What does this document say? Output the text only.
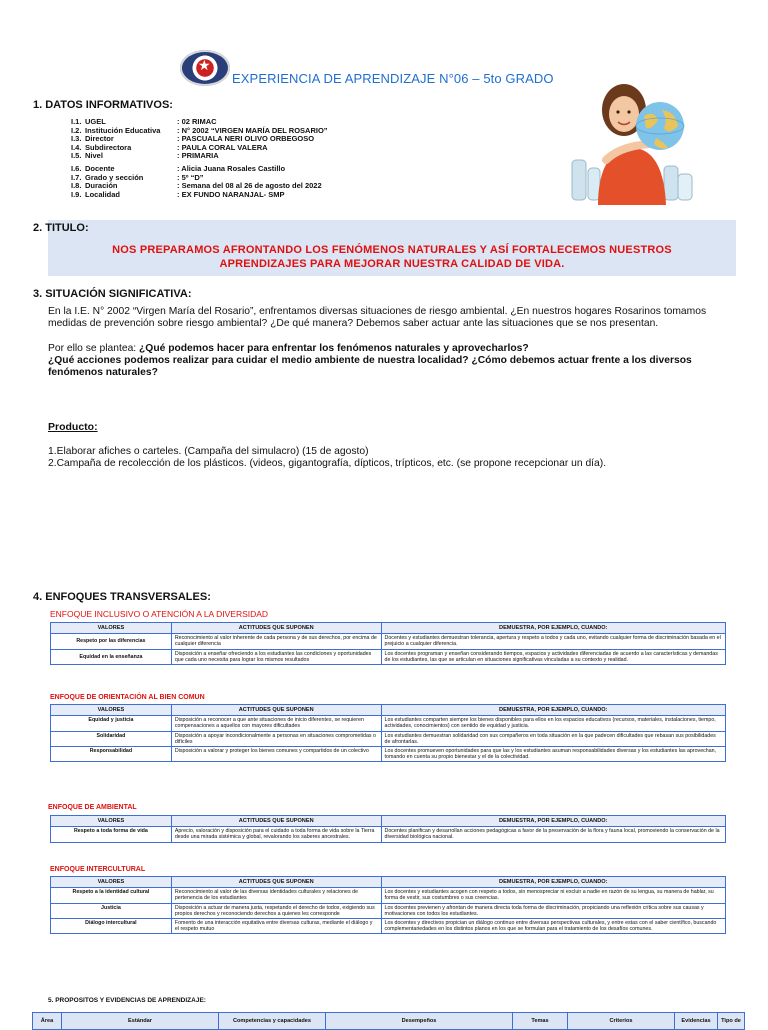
★
EXPERIENCIA DE APRENDIZAJE N°06 – 5to GRADO
1. DATOS INFORMATIVOS:
I.1. UGEL	: 02 RIMAC
I.2. Institución Educativa	: N° 2002 “VIRGEN MARÍA DEL ROSARIO”
I.3. Director	: PASCUALA NERI OLIVO ORBEGOSO
I.4. Subdirectora	: PAULA CORAL VALERA
I.5. Nivel	: PRIMARIA
I.6. Docente	: Alicia Juana Rosales Castillo
I.7. Grado y sección	: 5º “D”
I.8. Duración	: Semana del 08 al 26 de agosto del 2022
I.9. Localidad	: EX FUNDO NARANJAL- SMP
2. TITULO:
NOS PREPARAMOS AFRONTANDO LOS FENÓMENOS NATURALES Y ASÍ FORTALECEMOS NUESTROS
APRENDIZAJES PARA MEJORAR NUESTRA CALIDAD DE VIDA.
3. SITUACIÓN SIGNIFICATIVA:
En la I.E. N° 2002 “Virgen María del Rosario”, enfrentamos diversas situaciones de riesgo ambiental. ¿En nuestros hogares Rosarinos tomamos medidas de prevención sobre riesgo ambiental? ¿De qué manera? Debemos saber actuar ante las situaciones que se nos presentan.
Por ello se plantea: ¿Qué podemos hacer para enfrentar los fenómenos naturales y aprovecharlos?
¿Qué acciones podemos realizar para cuidar el medio ambiente de nuestra localidad? ¿Cómo debemos actuar frente a los diversos fenómenos naturales?
Producto:
1.Elaborar afiches o carteles. (Campaña del simulacro) (15 de agosto)
2.Campaña de recolección de los plásticos. (videos, gigantografía, dípticos, trípticos, etc. (se propone recepcionar un día).
4. ENFOQUES TRANSVERSALES:
ENFOQUE INCLUSIVO O ATENCIÓN A LA DIVERSIDAD
VALORES	ACTITUDES QUE SUPONEN	DEMUESTRA, POR EJEMPLO, CUANDO:
Respeto por las diferencias	Reconocimiento al valor inherente de cada persona y de sus derechos, por encima de cualquier diferencia	Docentes y estudiantes demuestran tolerancia, apertura y respeto a todos y cada uno, evitando cualquier forma de discriminación basada en el prejuicio a cualquier diferencia.
Equidad en la enseñanza	Disposición a enseñar ofreciendo a los estudiantes las condiciones y oportunidades que cada uno necesita para lograr los mismos resultados	Los docentes programan y enseñan considerando tiempos, espacios y actividades diferenciadas de acuerdo a las características y demandas de los estudiantes, las que se articulan en situaciones significativas vinculadas a su contexto y realidad.
ENFOQUE DE ORIENTACIÓN AL BIEN COMUN
VALORES	ACTITUDES QUE SUPONEN	DEMUESTRA, POR EJEMPLO, CUANDO:
Equidad y justicia	Disposición a reconocer a que ante situaciones de inicio diferentes, se requieren compensaciones a aquellos con mayores dificultades	Los estudiantes comparten siempre los bienes disponibles para ellos en los espacios educativos (recursos, materiales, instalaciones, tiempo, actividades, conocimientos) con sentido de equidad y justicia.
Solidaridad	Disposición a apoyar incondicionalmente a personas en situaciones comprometidas o difíciles	Los estudiantes demuestran solidaridad con sus compañeros en toda situación en la que padecen dificultades que rebasan sus posibilidades de afrontarlas.
Responsabilidad	Disposición a valorar y proteger los bienes comunes y compartidos de un colectivo	Los docentes promueven oportunidades para que las y los estudiantes asuman responsabilidades diversas y los estudiantes las aprovechan, tomando en cuenta su propio bienestar y el de la colectividad.
ENFOQUE DE AMBIENTAL
VALORES	ACTITUDES QUE SUPONEN	DEMUESTRA, POR EJEMPLO, CUANDO:
Respeto a toda forma de vida	Aprecio, valoración y disposición para el cuidado a toda forma de vida sobre la Tierra desde una mirada sistémica y global, revalorando los saberes ancestrales.	Docentes planifican y desarrollan acciones pedagógicas a favor de la preservación de la flora y fauna local, promoviendo la conservación de la diversidad biológica nacional.
ENFOQUE INTERCULTURAL
VALORES	ACTITUDES QUE SUPONEN	DEMUESTRA, POR EJEMPLO, CUANDO:
Respeto a la identidad cultural	Reconocimiento al valor de las diversas identidades culturales y relaciones de pertenencia de los estudiantes	Los docentes y estudiantes acogen con respeto a todos, sin menospreciar ni excluir a nadie en razón de su lengua, su manera de hablar, su forma de vestir, sus costumbres o sus creencias.
Justicia	Disposición a actuar de manera justa, respetando el derecho de todos, exigiendo sus propios derechos y reconociendo derechos a quienes les corresponde	Los docentes previenen y afrontan de manera directa toda forma de discriminación, propiciando una reflexión crítica sobre sus causas y motivaciones con todos los estudiantes.
Diálogo intercultural	Fomento de una interacción equitativa entre diversas culturas, mediante el diálogo y el respeto mutuo	Los docentes y directivos propician un diálogo continuo entre diversas perspectivas culturales, y entre estas con el saber científico, buscando complementariedades en los distintos planos en los que se formulan para el tratamiento de los desafíos comunes.
5. PROPOSITOS Y EVIDENCIAS DE APRENDIZAJE:
Área	Estándar	Competencias y capacidades	Desempeños	Temas	Criterios	Evidencias	Tipo de
